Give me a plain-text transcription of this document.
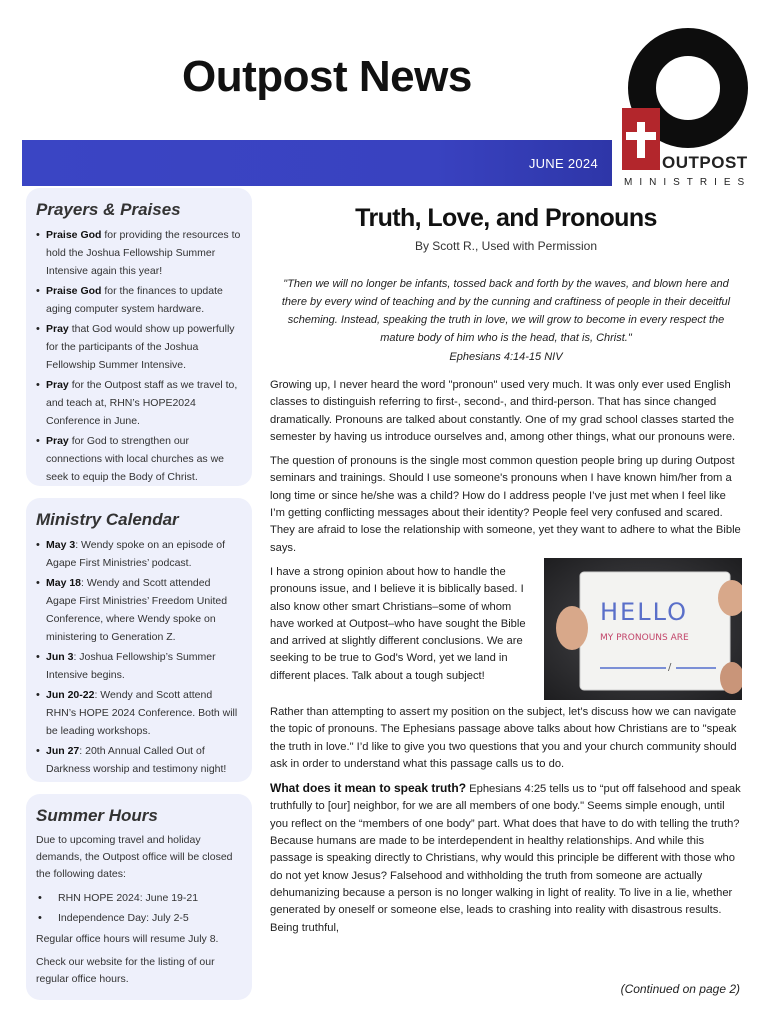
Outpost News
JUNE 2024	OUTPOST
MINISTRIES
Prayers & Praises
• Praise God for providing the resources to hold the Joshua Fellowship Summer Intensive again this year!
• Praise God for the finances to update aging computer system hardware.
• Pray that God would show up powerfully for the participants of the Joshua Fellowship Summer Intensive.
• Pray for the Outpost staff as we travel to, and teach at, RHN’s HOPE2024 Conference in June.
• Pray for God to strengthen our connections with local churches as we seek to equip the Body of Christ.
Ministry Calendar
• May 3: Wendy spoke on an episode of Agape First Ministries’ podcast.
• May 18: Wendy and Scott attended Agape First Ministries’ Freedom United Conference, where Wendy spoke on ministering to Generation Z.
• Jun 3: Joshua Fellowship’s Summer Intensive begins.
• Jun 20-22: Wendy and Scott attend RHN’s HOPE 2024 Conference. Both will be leading workshops.
• Jun 27: 20th Annual Called Out of Darkness worship and testimony night!
Summer Hours

Due to upcoming travel and holiday demands, the Outpost office will be closed the following dates:

• RHN HOPE 2024: June 19-21
• Independence Day: July 2-5

Regular office hours will resume July 8.

Check our website for the listing of our regular office hours.

Truth, Love, and Pronouns
By Scott R., Used with Permission
"Then we will no longer be infants, tossed back and forth by the waves, and blown here and there by every wind of teaching and by the cunning and craftiness of people in their deceitful scheming. Instead, speaking the truth in love, we will grow to become in every respect the mature body of him who is the head, that is, Christ."
Ephesians 4:14-15 NIV

Growing up, I never heard the word "pronoun" used very much. It was only ever used English classes to distinguish referring to first-, second-, and third-person. That has since changed dramatically. Pronouns are talked about constantly. One of my grad school classes started the semester by having us introduce ourselves and, among other things, what our pronouns were.

The question of pronouns is the single most common question people bring up during Outpost seminars and trainings. Should I use someone's pronouns when I have known him/her from a long time or since he/she was a child? How do I address people I’ve just met when I feel like I’m getting conflicting messages about their identity? People feel very confused and scared. They are afraid to lose the relationship with someone, yet they want to adhere to what the Bible says.

I have a strong opinion about how to handle the pronouns issue, and I believe it is biblically based. I also know other smart Christians–some of whom have worked at Outpost–who have sought the Bible and arrived at slightly different conclusions. We are seeking to be true to God's Word, yet we land in different places. Talk about a tough subject!

HELLO
MY PRONOUNS ARE
/

Rather than attempting to assert my position on the subject, let’s discuss how we can navigate the topic of pronouns. The Ephesians passage above talks about how Christians are to "speak the truth in love." I’d like to give you two questions that you and your church community should ask in order to understand what this passage calls us to do.

What does it mean to speak truth? Ephesians 4:25 tells us to “put off falsehood and speak truthfully to [our] neighbor, for we are all members of one body." Seems simple enough, until you reflect on the “members of one body” part. What does that have to do with telling the truth? Because humans are made to be interdependent in healthy relationships. And while this passage is speaking directly to Christians, why would this principle be different with those who do not yet know Jesus? Falsehood and withholding the truth from someone are actually dehumanizing because a person is no longer walking in light of reality. To live in a lie, whether generated by oneself or someone else, leads to crashing into reality with disastrous results. Being truthful,

(Continued on page 2)
